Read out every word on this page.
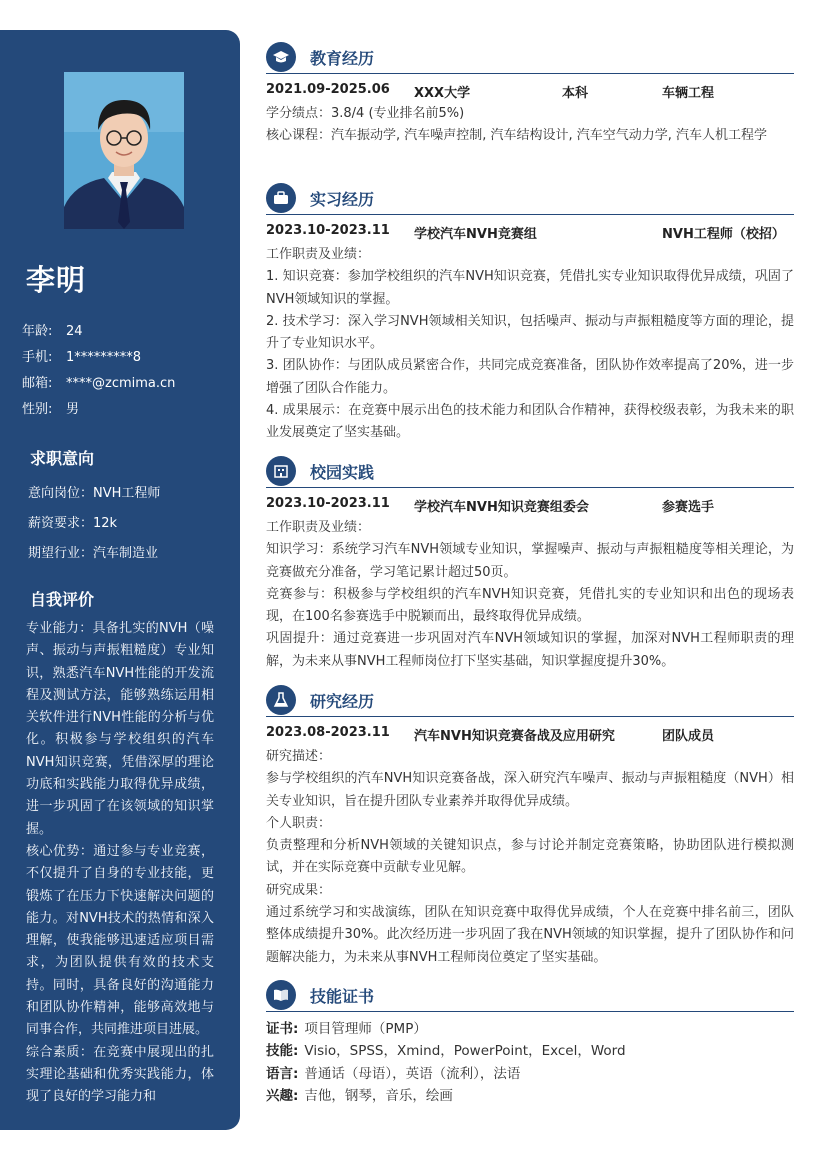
李明
年龄:	24
手机:	1*********8
邮箱:	****@zcmima.cn
性别:	男
求职意向
意向岗位：NVH工程师
薪资要求：12k
期望行业：汽车制造业
自我评价

专业能力：具备扎实的NVH（噪声、振动与声振粗糙度）专业知识，熟悉汽车NVH性能的开发流程及测试方法，能够熟练运用相关软件进行NVH性能的分析与优化。积极参与学校组织的汽车NVH知识竞赛，凭借深厚的理论功底和实践能力取得优异成绩，进一步巩固了在该领域的知识掌握。

核心优势：通过参与专业竞赛，不仅提升了自身的专业技能，更锻炼了在压力下快速解决问题的能力。对NVH技术的热情和深入理解，使我能够迅速适应项目需求，为团队提供有效的技术支持。同时，具备良好的沟通能力和团队协作精神，能够高效地与同事合作，共同推进项目进展。

综合素质：在竞赛中展现出的扎实理论基础和优秀实践能力，体现了良好的学习能力和

教育经历
2021.09-2025.06 XXX大学	本科	车辆工程

学分绩点：3.8/4 (专业排名前5%)

核心课程：汽车振动学, 汽车噪声控制, 汽车结构设计, 汽车空气动力学, 汽车人机工程学

实习经历
2023.10-2023.11 学校汽车NVH竞赛组	NVH工程师（校招）

工作职责及业绩：

1. 知识竞赛：参加学校组织的汽车NVH知识竞赛，凭借扎实专业知识取得优异成绩，巩固了NVH领域知识的掌握。

2. 技术学习：深入学习NVH领域相关知识，包括噪声、振动与声振粗糙度等方面的理论，提升了专业知识水平。

3. 团队协作：与团队成员紧密合作，共同完成竞赛准备，团队协作效率提高了20%，进一步增强了团队合作能力。

4. 成果展示：在竞赛中展示出色的技术能力和团队合作精神，获得校级表彰，为我未来的职业发展奠定了坚实基础。

校园实践
2023.10-2023.11 学校汽车NVH知识竞赛组委会	参赛选手

工作职责及业绩：

知识学习：系统学习汽车NVH领域专业知识，掌握噪声、振动与声振粗糙度等相关理论，为竞赛做充分准备，学习笔记累计超过50页。

竞赛参与：积极参与学校组织的汽车NVH知识竞赛，凭借扎实的专业知识和出色的现场表现，在100名参赛选手中脱颖而出，最终取得优异成绩。

巩固提升：通过竞赛进一步巩固对汽车NVH领域知识的掌握，加深对NVH工程师职责的理解，为未来从事NVH工程师岗位打下坚实基础，知识掌握度提升30%。

研究经历
2023.08-2023.11 汽车NVH知识竞赛备战及应用研究	团队成员

研究描述：

参与学校组织的汽车NVH知识竞赛备战，深入研究汽车噪声、振动与声振粗糙度（NVH）相关专业知识，旨在提升团队专业素养并取得优异成绩。

个人职责：

负责整理和分析NVH领域的关键知识点，参与讨论并制定竞赛策略，协助团队进行模拟测试，并在实际竞赛中贡献专业见解。

研究成果：

通过系统学习和实战演练，团队在知识竞赛中取得优异成绩，个人在竞赛中排名前三，团队整体成绩提升30%。此次经历进一步巩固了我在NVH领域的知识掌握，提升了团队协作和问题解决能力，为未来从事NVH工程师岗位奠定了坚实基础。

技能证书
证书: 项目管理师（PMP）
技能: Visio，SPSS，Xmind，PowerPoint，Excel，Word
语言: 普通话（母语），英语（流利），法语
兴趣: 吉他，钢琴，音乐，绘画
